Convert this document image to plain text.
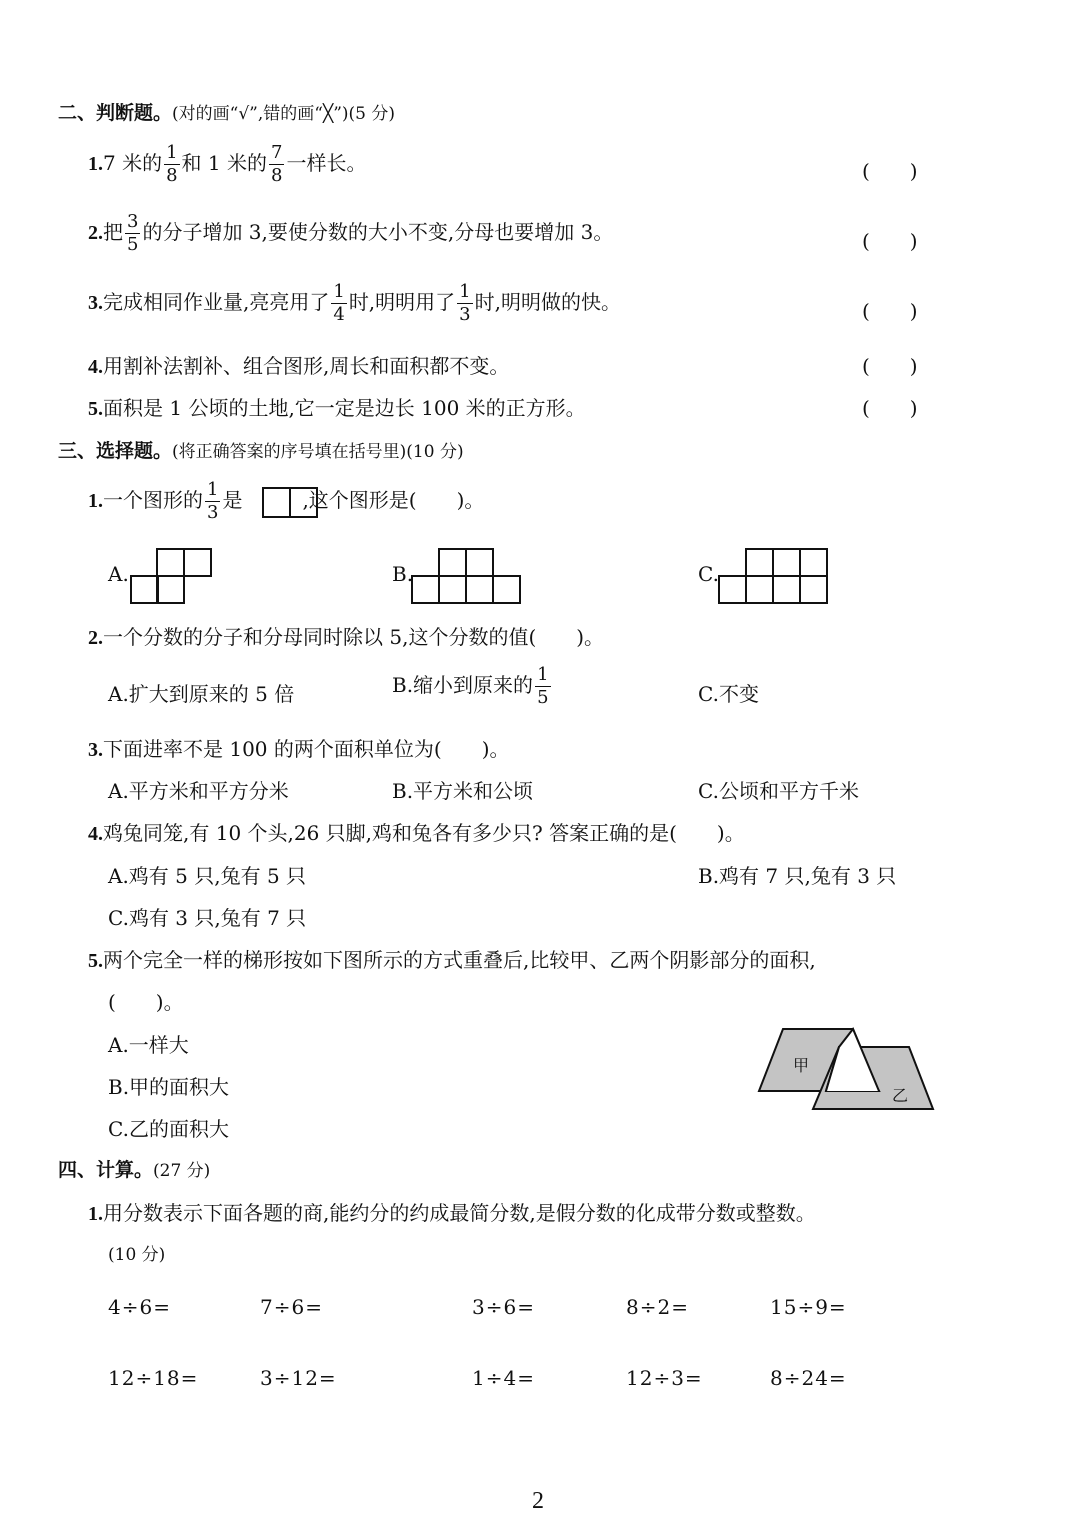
二、判断题。(对的画“√”,错的画“╳”)(5 分)
1.7 米的 $\frac{1}{8}$ 和 1 米的 $\frac{7}{8}$ 一样长。	(　　)
2.把 $\frac{3}{5}$ 的分子增加 3,要使分数的大小不变,分母也要增加 3。	(　　)
3.完成相同作业量,亮亮用了 $\frac{1}{4}$ 时,明明用了 $\frac{1}{3}$ 时,明明做的快。	(　　)
4.用割补法割补、组合图形,周长和面积都不变。	(　　)
5.面积是 1 公顷的土地,它一定是边长 100 米的正方形。	(　　)
三、选择题。(将正确答案的序号填在括号里)(10 分)
1.一个图形的 $\frac{1}{3}$ 是	,这个图形是(　　)。
A.	B.	C.
2.一个分数的分子和分母同时除以 5,这个分数的值(　　)。
A.扩大到原来的 5 倍	B.缩小到原来的 $\frac{1}{5}$	C.不变
3.下面进率不是 100 的两个面积单位为(　　)。
A.平方米和平方分米	B.平方米和公顷	C.公顷和平方千米
4.鸡兔同笼,有 10 个头,26 只脚,鸡和兔各有多少只? 答案正确的是(　　)。
A.鸡有 5 只,兔有 5 只	B.鸡有 7 只,兔有 3 只
C.鸡有 3 只,兔有 7 只
5.两个完全一样的梯形按如下图所示的方式重叠后,比较甲、乙两个阴影部分的面积,
(　　)。
A.一样大
B.甲的面积大
C.乙的面积大
甲
乙
四、计算。(27 分)
1.用分数表示下面各题的商,能约分的约成最简分数,是假分数的化成带分数或整数。
(10 分)
4÷6=	7÷6=	3÷6=	8÷2=	15÷9=
12÷18=	3÷12=	1÷4=	12÷3=	8÷24=
2
